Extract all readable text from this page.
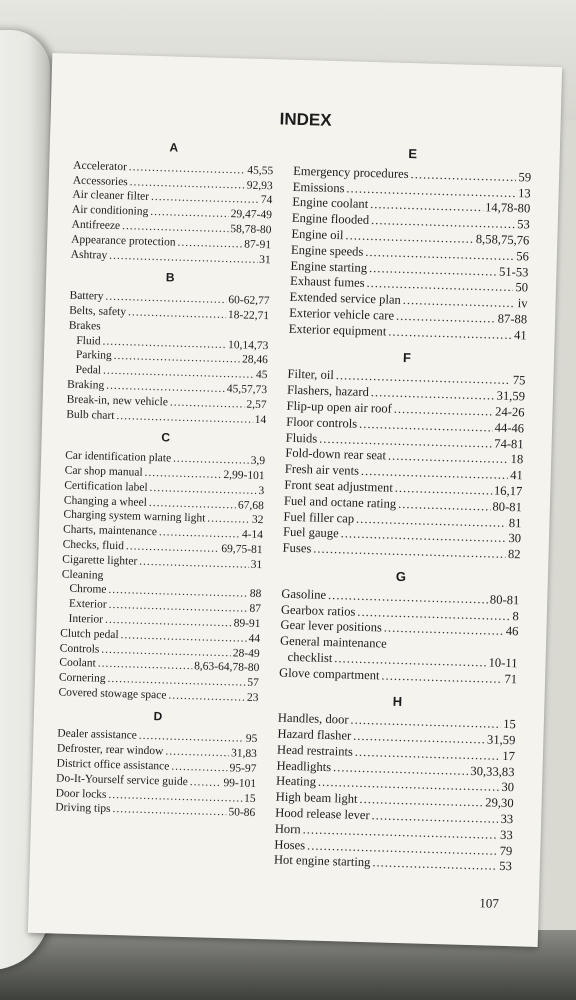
INDEX
A
Accelerator .....	45,55
Accessories .....	92,93
Air cleaner filter .....	74
Air conditioning .....	29,47-49
Antifreeze .....	58,78-80
Appearance protection .....	87-91
Ashtray .....	31
B
Battery .....	60-62,77
Belts, safety .....	18-22,71
Brakes
Fluid .....	10,14,73
Parking .....	28,46
Pedal .....	45
Braking .....	45,57,73
Break-in, new vehicle .....	2,57
Bulb chart .....	14
C
Car identification plate .....	3,9
Car shop manual .....	2,99-101
Certification label .....	3
Changing a wheel .....	67,68
Charging system warning light .....	32
Charts, maintenance .....	4-14
Checks, fluid .....	69,75-81
Cigarette lighter .....	31
Cleaning
Chrome .....	88
Exterior .....	87
Interior .....	89-91
Clutch pedal .....	44
Controls .....	28-49
Coolant .....	8,63-64,78-80
Cornering .....	57
Covered stowage space .....	23
D
Dealer assistance .....	95
Defroster, rear window .....	31,83
District office assistance .....	95-97
Do-It-Yourself service guide .....	99-101
Door locks .....	15
Driving tips .....	50-86
E
Emergency procedures .....	59
Emissions .....	13
Engine coolant .....	14,78-80
Engine flooded .....	53
Engine oil .....	8,58,75,76
Engine speeds .....	56
Engine starting .....	51-53
Exhaust fumes .....	50
Extended service plan .....	iv
Exterior vehicle care .....	87-88
Exterior equipment .....	41
F
Filter, oil .....	75
Flashers, hazard .....	31,59
Flip-up open air roof .....	24-26
Floor controls .....	44-46
Fluids .....	74-81
Fold-down rear seat .....	18
Fresh air vents .....	41
Front seat adjustment .....	16,17
Fuel and octane rating .....	80-81
Fuel filler cap .....	81
Fuel gauge .....	30
Fuses .....	82
G
Gasoline .....	80-81
Gearbox ratios .....	8
Gear lever positions .....	46
General maintenance
checklist .....	10-11
Glove compartment .....	71
H
Handles, door .....	15
Hazard flasher .....	31,59
Head restraints .....	17
Headlights .....	30,33,83
Heating .....	30
High beam light .....	29,30
Hood release lever .....	33
Horn .....	33
Hoses .....	79
Hot engine starting .....	53
107
